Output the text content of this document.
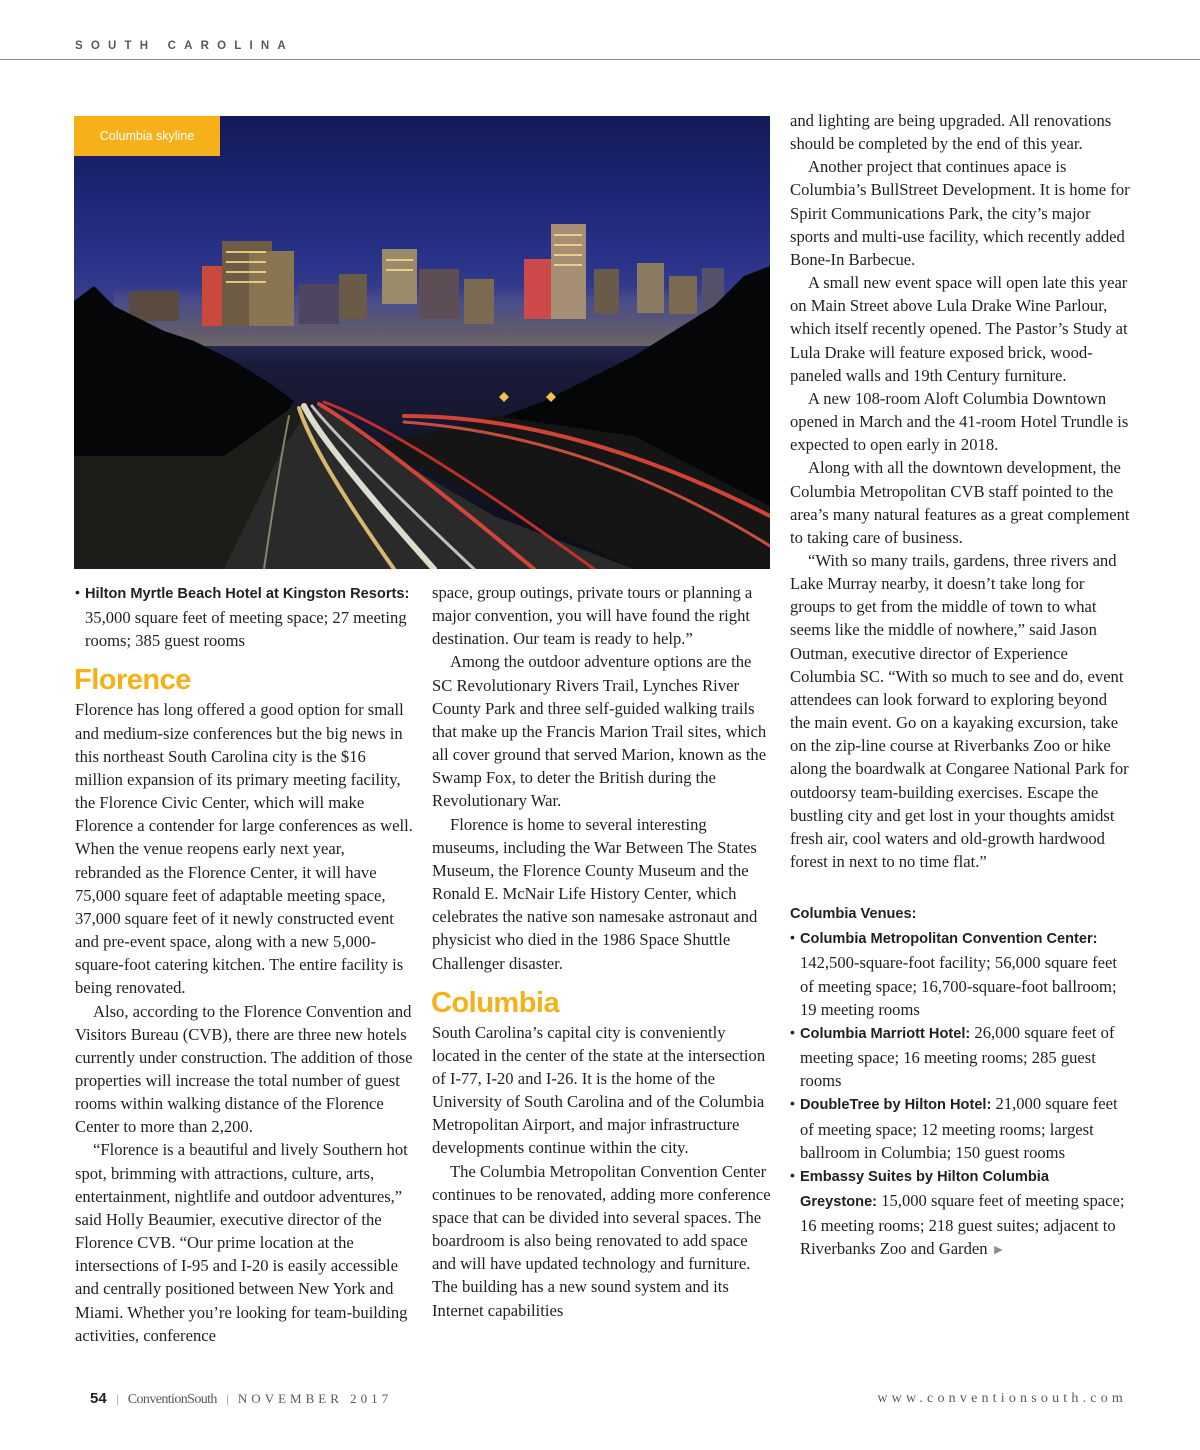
SOUTH CAROLINA
Columbia skyline
• Hilton Myrtle Beach Hotel at Kingston Resorts: 35,000 square feet of meeting space; 27 meeting rooms; 385 guest rooms

Florence

Florence has long offered a good option for small and medium-size conferences but the big news in this northeast South Carolina city is the $16 million expansion of its primary meeting facility, the Florence Civic Center, which will make Florence a contender for large conferences as well. When the venue reopens early next year, rebranded as the Florence Center, it will have 75,000 square feet of adaptable meeting space, 37,000 square feet of it newly constructed event and pre-event space, along with a new 5,000-square-foot catering kitchen. The entire facility is being renovated.

Also, according to the Florence Convention and Visitors Bureau (CVB), there are three new hotels currently under construction. The addition of those properties will increase the total number of guest rooms within walking distance of the Florence Center to more than 2,200.

“Florence is a beautiful and lively Southern hot spot, brimming with attractions, culture, arts, entertainment, nightlife and outdoor adventures,” said Holly Beaumier, executive director of the Florence CVB. “Our prime location at the intersections of I-95 and I-20 is easily accessible and centrally positioned between New York and Miami. Whether you’re looking for team-building activities, conference

space, group outings, private tours or planning a major convention, you will have found the right destination. Our team is ready to help.”

Among the outdoor adventure options are the SC Revolutionary Rivers Trail, Lynches River County Park and three self-guided walking trails that make up the Francis Marion Trail sites, which all cover ground that served Marion, known as the Swamp Fox, to deter the British during the Revolutionary War.

Florence is home to several interesting museums, including the War Between The States Museum, the Florence County Museum and the Ronald E. McNair Life History Center, which celebrates the native son namesake astronaut and physicist who died in the 1986 Space Shuttle Challenger disaster.

Columbia

South Carolina’s capital city is conveniently located in the center of the state at the intersection of I-77, I-20 and I-26. It is the home of the University of South Carolina and of the Columbia Metropolitan Airport, and major infrastructure developments continue within the city.

The Columbia Metropolitan Convention Center continues to be renovated, adding more conference space that can be divided into several spaces. The boardroom is also being renovated to add space and will have updated technology and furniture. The building has a new sound system and its Internet capabilities

and lighting are being upgraded. All renovations should be completed by the end of this year.

Another project that continues apace is Columbia’s BullStreet Development. It is home for Spirit Communications Park, the city’s major sports and multi-use facility, which recently added Bone-In Barbecue.

A small new event space will open late this year on Main Street above Lula Drake Wine Parlour, which itself recently opened. The Pastor’s Study at Lula Drake will feature exposed brick, wood-paneled walls and 19th Century furniture.

A new 108-room Aloft Columbia Downtown opened in March and the 41-room Hotel Trundle is expected to open early in 2018.

Along with all the downtown development, the Columbia Metropolitan CVB staff pointed to the area’s many natural features as a great complement to taking care of business.

“With so many trails, gardens, three rivers and Lake Murray nearby, it doesn’t take long for groups to get from the middle of town to what seems like the middle of nowhere,” said Jason Outman, executive director of Experience Columbia SC. “With so much to see and do, event attendees can look forward to exploring beyond the main event. Go on a kayaking excursion, take on the zip-line course at Riverbanks Zoo or hike along the boardwalk at Congaree National Park for outdoorsy team-building exercises. Escape the bustling city and get lost in your thoughts amidst fresh air, cool waters and old-growth hardwood forest in next to no time flat.”

Columbia Venues:

• Columbia Metropolitan Convention Center: 142,500-square-foot facility; 56,000 square feet of meeting space; 16,700-square-foot ballroom; 19 meeting rooms
• Columbia Marriott Hotel: 26,000 square feet of meeting space; 16 meeting rooms; 285 guest rooms
• DoubleTree by Hilton Hotel: 21,000 square feet of meeting space; 12 meeting rooms; largest ballroom in Columbia; 150 guest rooms
• Embassy Suites by Hilton Columbia Greystone: 15,000 square feet of meeting space; 16 meeting rooms; 218 guest suites; adjacent to Riverbanks Zoo and Garden ►
54 | ConventionSouth | NOVEMBER 2017	www.conventionsouth.com
